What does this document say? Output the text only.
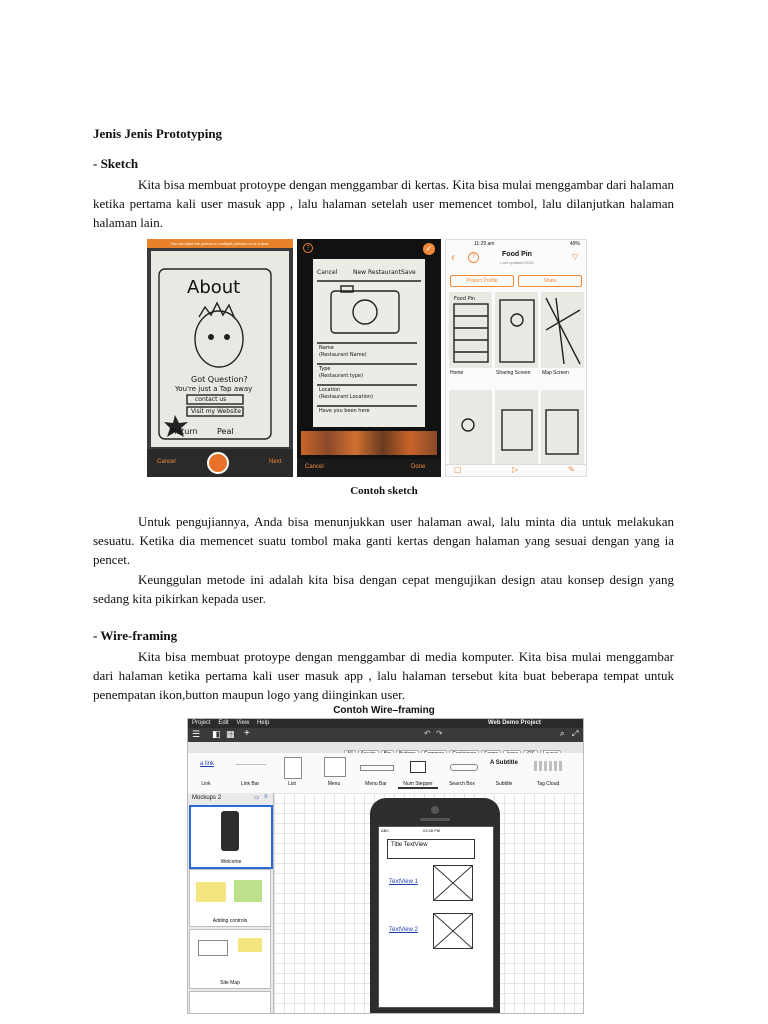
Jenis Jenis Prototyping
- Sketch

Kita bisa membuat protoype dengan menggambar di kertas. Kita bisa mulai menggambar dari halaman ketika pertama kali user masuk app , lalu halaman setelah user memencet tombol, lalu dilanjutkan halaman halaman lain.

You can take the picture in multiple pictures or at a time.
About
Got Question?
You're just a Tap away
contact us
Visit my Website
Return Peal
Cancel	Next
?	✓
Cancel	New Restaurant Save
Name
(Restaurant Name)
Type
(Restaurant type)
Location
(Restaurant Location)
Have you been here
Cancel	Done
11:29 am	49%
‹	?	Food Pin
Last updated 2015
▽
Project Profile	Share
Food Pin
Home	Sharing Screen Map Screen
▢	▷	✎
Contoh sketch

Untuk pengujiannya, Anda bisa menunjukkan user halaman awal, lalu minta dia untuk melakukan sesuatu. Ketika dia memencet suatu tombol maka ganti kertas dengan halaman yang sesuai dengan yang ia pencet.

Keunggulan metode ini adalah kita bisa dengan cepat mengujikan design atau konsep design yang sedang kita pikirkan kepada user.

- Wire-framing

Kita bisa membuat protoype dengan menggambar di media komputer. Kita bisa mulai menggambar dari halaman ketika pertama kali user masuk app , lalu halaman tersebut kita buat beberapa tempat untuk penempatan ikon,button maupun logo yang diinginkan user.

Contoh Wire–framing
Project Edit View Help	Web Demo Project
☰ ◧ ▦ +	↶ ↷	⌕ ⤢
a link	A Subtitle
Link	Link Bar	List	Menu	Menu Bar	Num Stepper	Search Box	Subtitle	Tag Cloud
Mockups 2	▭ ≡
Welcome
Adding controls
Site Map
ABC	03:28 PM
Title TextView
TextView 1
TextView 2
